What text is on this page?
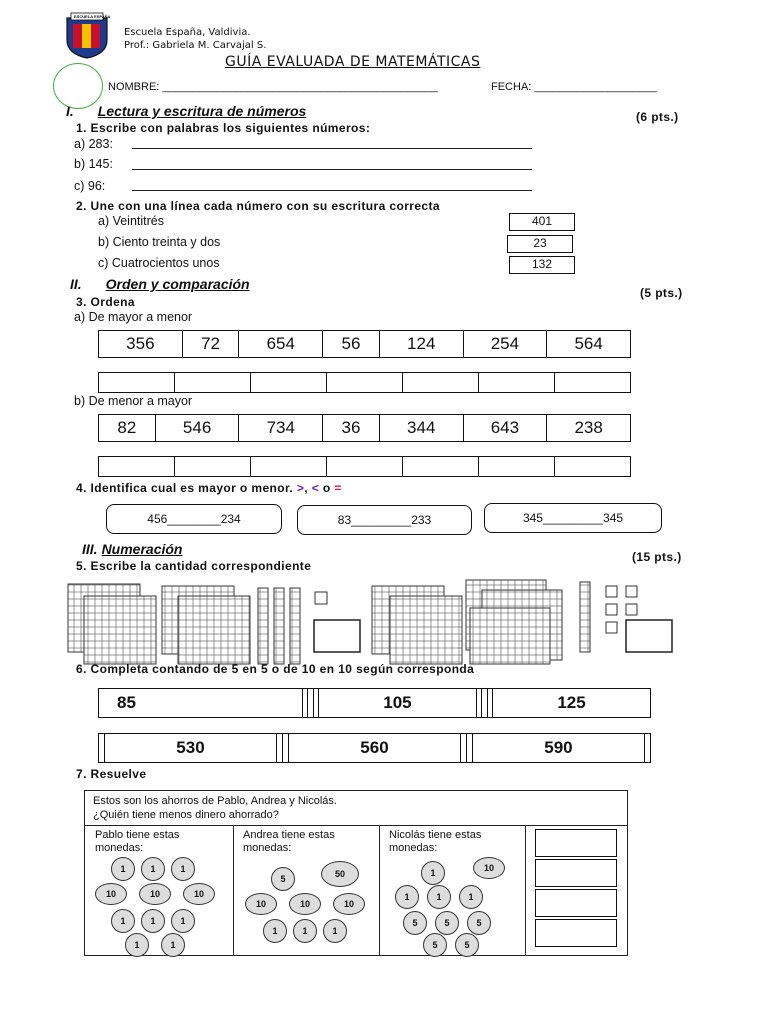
ESCUELA ESPAÑA
Escuela España, Valdivia.
Prof.: Gabriela M. Carvajal S.
GUÍA EVALUADA DE MATEMÁTICAS
NOMBRE: _____________________________________________	FECHA: ____________________
I. Lectura y escritura de números	(6 pts.)
1. Escribe con palabras los siguientes números:
a) 283:
b) 145:
c) 96:
2. Une con una línea cada número con su escritura correcta
a) Veintitrés
b) Ciento treinta y dos
c) Cuatrocientos unos
401
23
132
II. Orden y comparación
(5 pts.)
3. Ordena
a) De mayor a menor
356	72	654	56	124	254	564

b) De menor a mayor
82	546	734	36	344	643	238

4. Identifica cual es mayor o menor. >, < o =
456________234	83_________233	345_________345
III. Numeración	(15 pts.)
5. Escribe la cantidad correspondiente
6. Completa contando de 5 en 5 o de 10 en 10 según corresponda
85				105				125
	530			560			590	
7. Resuelve
Estos son los ahorros de Pablo, Andrea y Nicolás.
¿Quién tiene menos dinero ahorrado?
Pablo tiene estas
monedas:
Andrea tiene estas
monedas:
Nicolás tiene estas
monedas:
1	1	1
10	10	10
1	1	1
1	1
5	50
10	10	10
1	1	1
1	10
1	1	1
5	5	5
5	5
